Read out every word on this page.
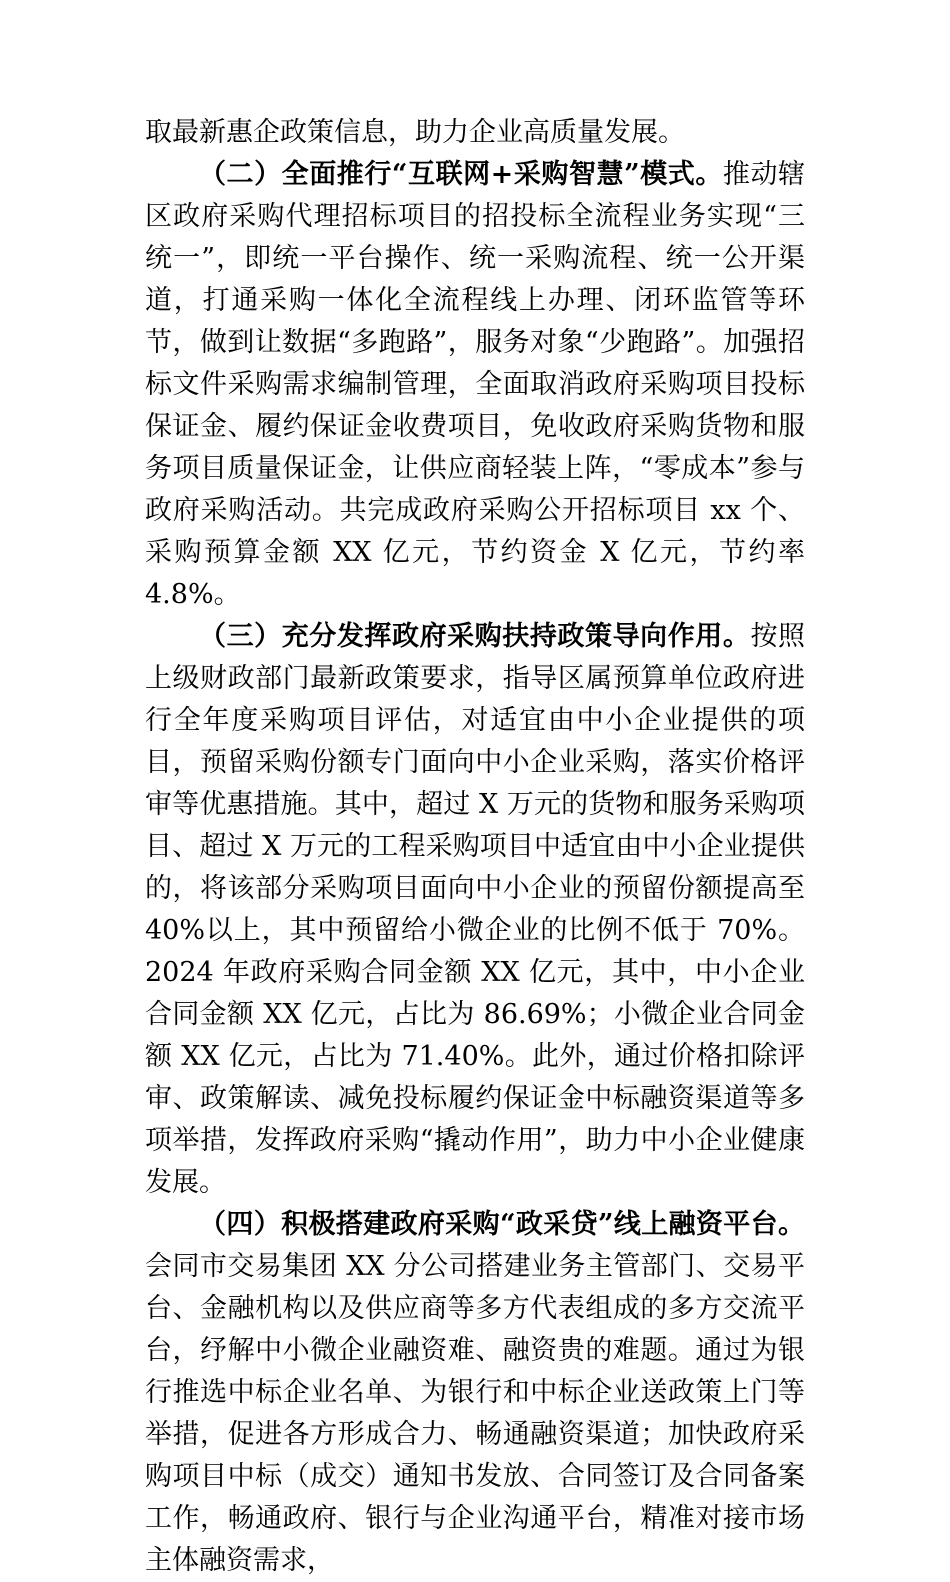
取最新惠企政策信息，助力企业高质量发展。

（二）全面推行“互联网+采购智慧”模式。推动辖区政府采购代理招标项目的招投标全流程业务实现“三统一”，即统一平台操作、统一采购流程、统一公开渠道，打通采购一体化全流程线上办理、闭环监管等环节，做到让数据“多跑路”，服务对象“少跑路”。加强招标文件采购需求编制管理，全面取消政府采购项目投标保证金、履约保证金收费项目，免收政府采购货物和服务项目质量保证金，让供应商轻装上阵，“零成本”参与政府采购活动。共完成政府采购公开招标项目 xx 个、采购预算金额 XX 亿元，节约资金 X 亿元，节约率 4.8%。

（三）充分发挥政府采购扶持政策导向作用。按照上级财政部门最新政策要求，指导区属预算单位政府进行全年度采购项目评估，对适宜由中小企业提供的项目，预留采购份额专门面向中小企业采购，落实价格评审等优惠措施。其中，超过 X 万元的货物和服务采购项目、超过 X 万元的工程采购项目中适宜由中小企业提供的，将该部分采购项目面向中小企业的预留份额提高至 40%以上，其中预留给小微企业的比例不低于 70%。2024 年政府采购合同金额 XX 亿元，其中，中小企业合同金额 XX 亿元，占比为 86.69%；小微企业合同金额 XX 亿元，占比为 71.40%。此外，通过价格扣除评审、政策解读、减免投标履约保证金中标融资渠道等多项举措，发挥政府采购“撬动作用”，助力中小企业健康发展。

（四）积极搭建政府采购“政采贷”线上融资平台。会同市交易集团 XX 分公司搭建业务主管部门、交易平台、金融机构以及供应商等多方代表组成的多方交流平台，纾解中小微企业融资难、融资贵的难题。通过为银行推选中标企业名单、为银行和中标企业送政策上门等举措，促进各方形成合力、畅通融资渠道；加快政府采购项目中标（成交）通知书发放、合同签订及合同备案工作，畅通政府、银行与企业沟通平台，精准对接市场主体融资需求，
